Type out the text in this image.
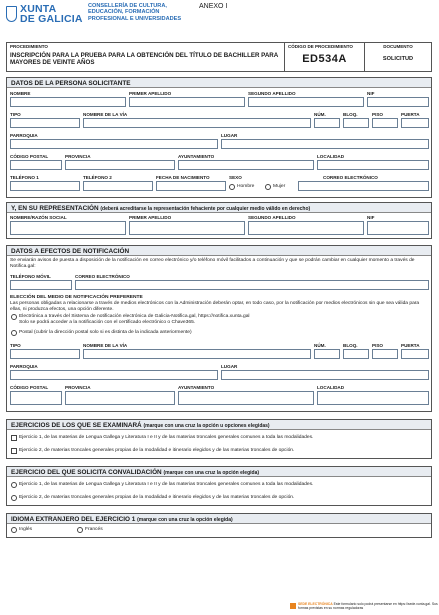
XUNTA
DE GALICIA
CONSELLERÍA DE CULTURA,
EDUCACIÓN, FORMACIÓN
PROFESIONAL E UNIVERSIDADES
ANEXO I
PROCEDIMIENTO
INSCRIPCIÓN PARA LA PRUEBA PARA LA OBTENCIÓN DEL TÍTULO DE BACHILLER PARA MAYORES DE VEINTE AÑOS
CÓDIGO DE PROCEDIMIENTO
ED534A
DOCUMENTO
SOLICITUD
DATOS DE LA PERSONA SOLICITANTE
NOMBRE	PRIMER APELLIDO	SEGUNDO APELLIDO	NIF
TIPO	NOMBRE DE LA VÍA	NÚM.	BLOQ.	PISO	PUERTA
PARROQUIA	LUGAR
CÓDIGO POSTAL	PROVINCIA	AYUNTAMIENTO	LOCALIDAD
TELÉFONO 1	TELÉFONO 2	FECHA DE NACIMIENTO	SEXO
Hombre	Mujer
CORREO ELECTRÓNICO
Y, EN SU REPRESENTACIÓN (deberá acreditarse la representación fehaciente por cualquier medio válido en derecho)
NOMBRE/RAZÓN SOCIAL	PRIMER APELLIDO	SEGUNDO APELLIDO	NIF
DATOS A EFECTOS DE NOTIFICACIÓN
Se enviarán avisos de puesta a disposición de la notificación en correo electrónico y/o teléfono móvil facilitados a continuación y que se podrán cambiar en cualquier momento a través de Notifica.gal:
TELÉFONO MÓVIL	CORREO ELECTRÓNICO
ELECCIÓN DEL MEDIO DE NOTIFICACIÓN PREFERENTE
Las personas obligadas a relacionarse a través de medios electrónicos con la Administración deberán optar, en todo caso, por la notificación por medios electrónicos sin que sea válida para ellas, ni produzca efectos, una opción diferente.
Electrónica a través del Sistema de notificación electrónica de Galicia-Notifica.gal, https://notifica.xunta.gal
Solo se podrá acceder a la notificación con el certificado electrónico o Chave365.
Postal (cubrir la dirección postal solo si es distinta de la indicada anteriormente)
TIPO	NOMBRE DE LA VÍA	NÚM.	BLOQ.	PISO	PUERTA
PARROQUIA	LUGAR
CÓDIGO POSTAL	PROVINCIA	AYUNTAMIENTO	LOCALIDAD
EJERCICIOS DE LOS QUE SE EXAMINARÁ (marque con una cruz la opción u opciones elegidas)
Ejercicio 1, de las materias de Lengua Gallega y Literatura I e II y de las materias troncales generales comunes a toda las modalidades.
Ejercicio 2, de materias troncales generales propias de la modalidad e itinerario elegidos y de las materias troncales de opción.
EJERCICIO DEL QUE SOLICITA CONVALIDACIÓN (marque con una cruz la opción elegida)
Ejercicio 1, de las materias de Lengua Gallega y Literatura I e II y de las materias troncales generales comunes a toda las modalidades.
Ejercicio 2, de materias troncales generales propias de la modalidad e itinerario elegidos y de las materias troncales de opción.
IDIOMA EXTRANJERO DEL EJERCICIO 1 (marque con una cruz la opción elegida)
Inglés	Francés
SEDE ELECTRÓNICA Este formulario solo podrá presentarse en https://sede.xunta.gal. Sus formas previstas en su normas reguladoras
